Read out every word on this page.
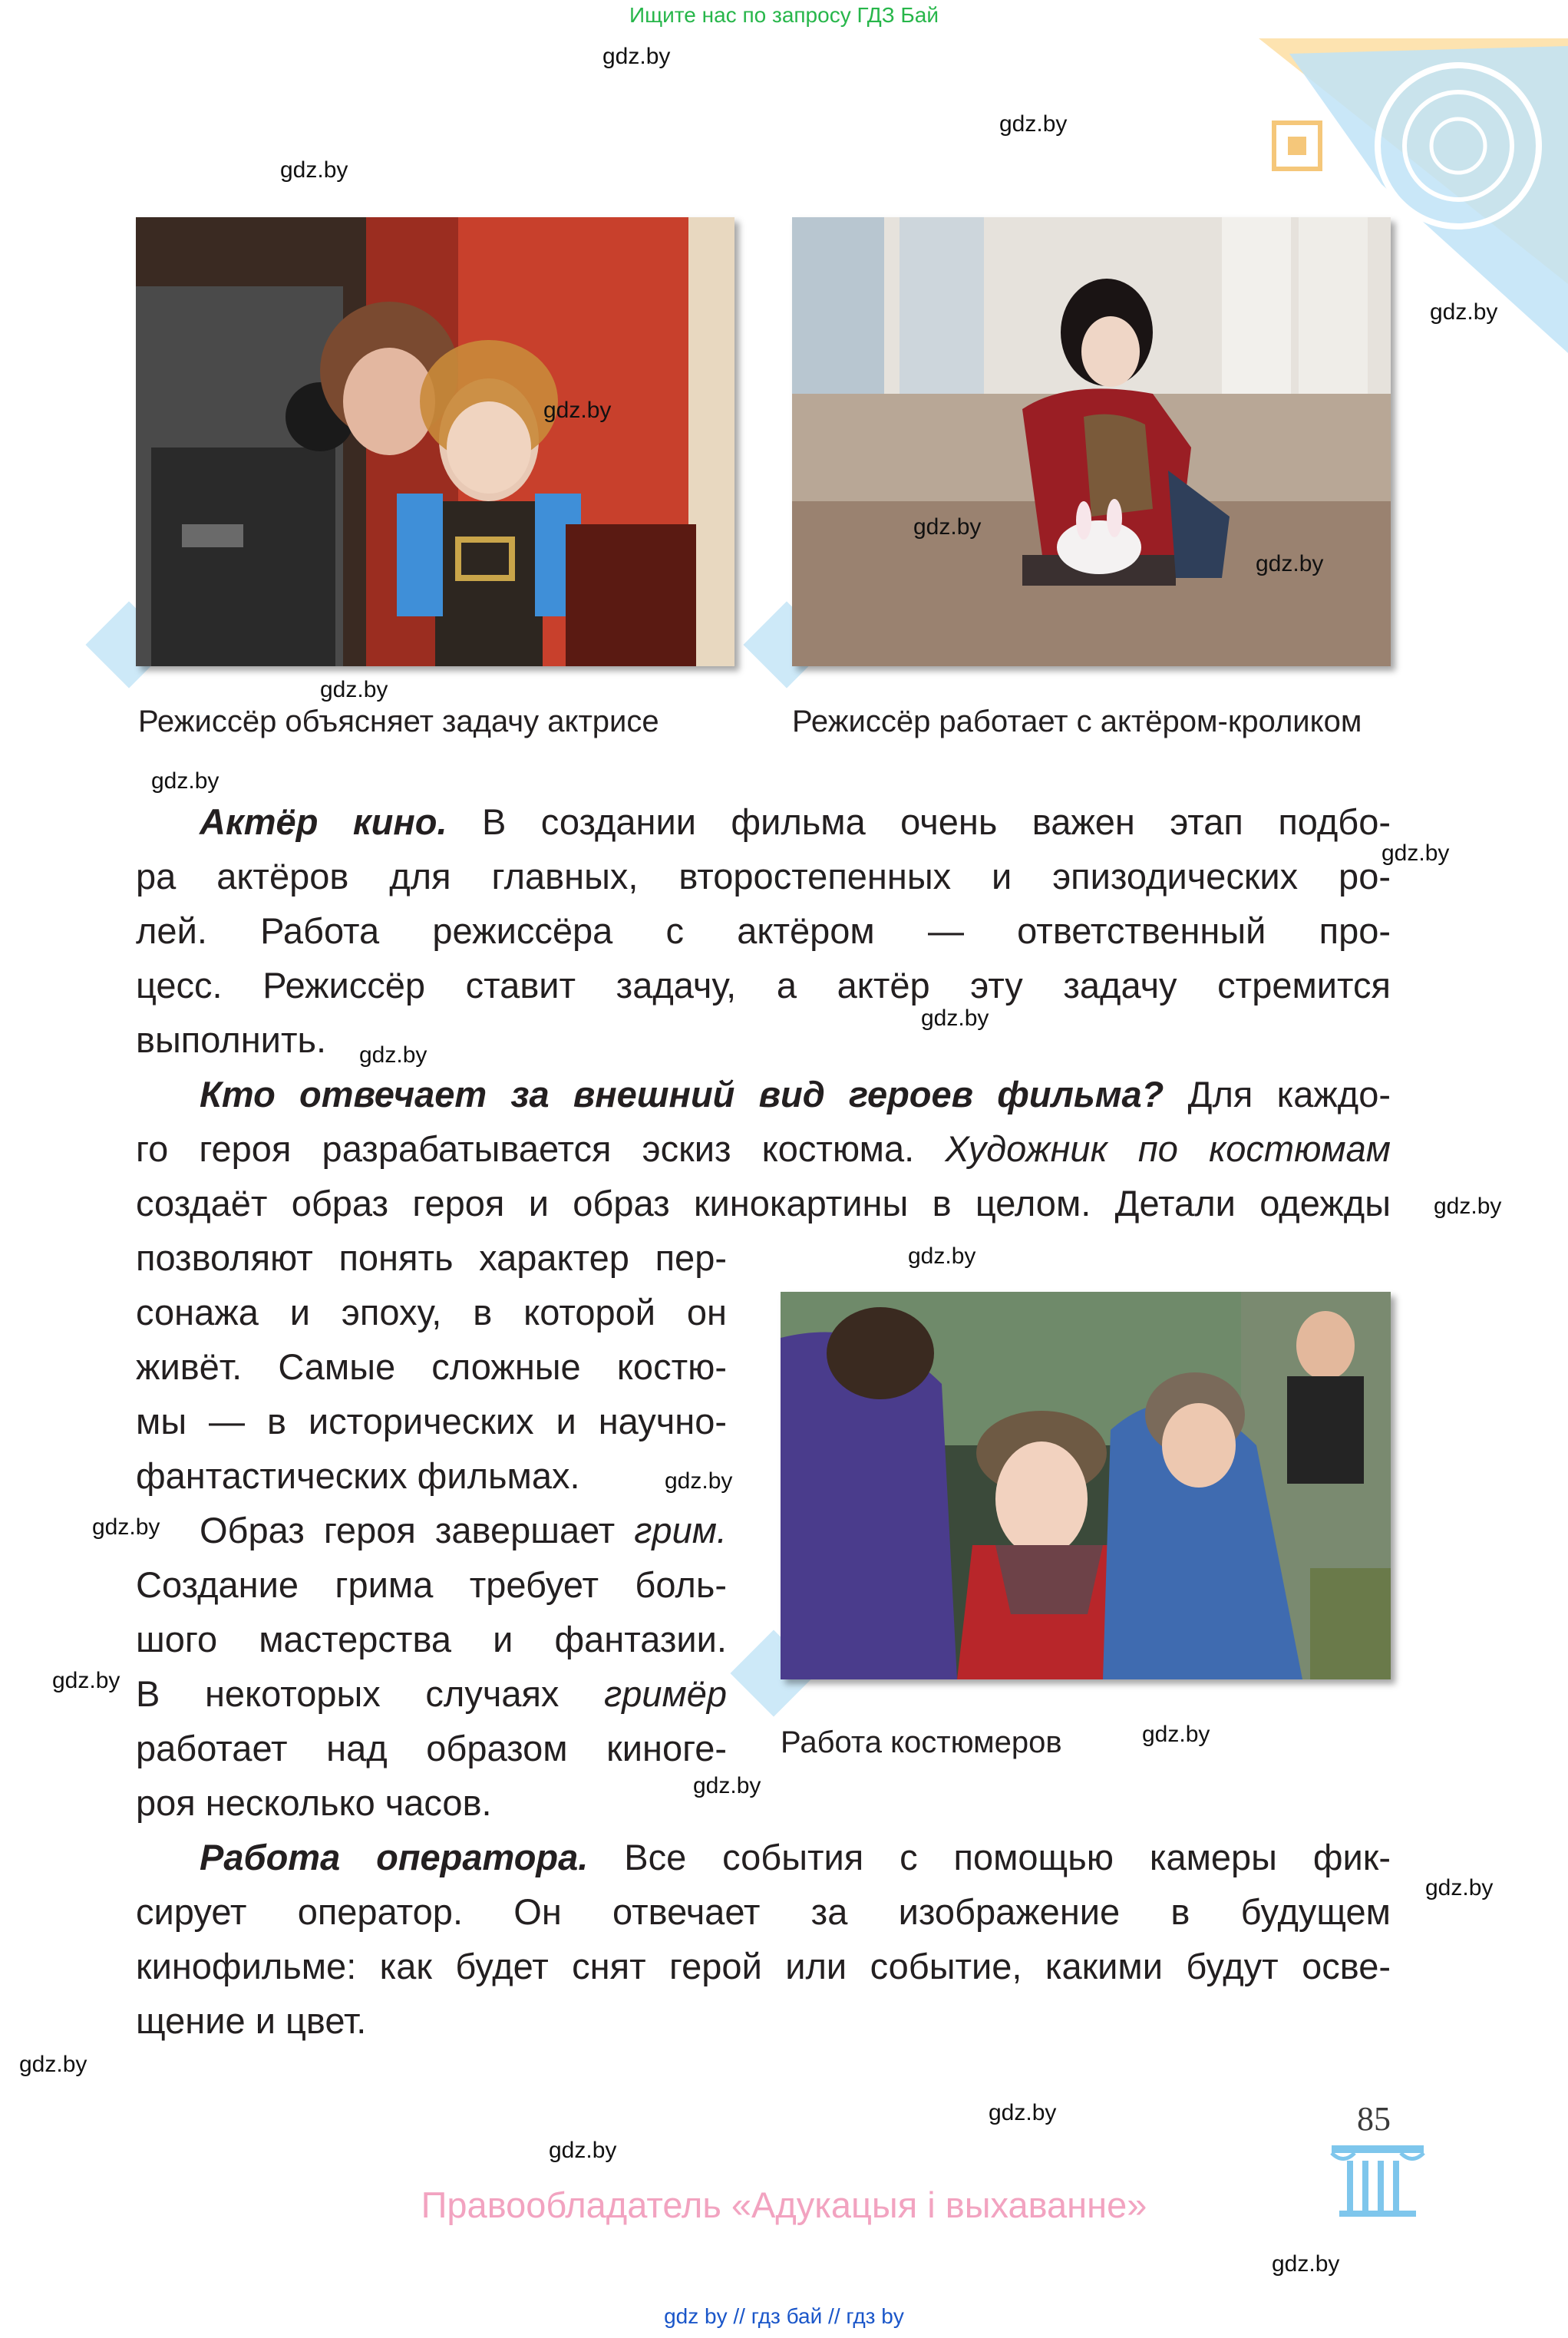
Ищите нас по запросу ГДЗ Бай
Режиссёр объясняет задачу актрисе	Режиссёр работает с актёром-кроликом
Актёр кино. В создании фильма очень важен этап подбо-
ра актёров для главных, второстепенных и эпизодических ро-
лей. Работа режиссёра с актёром — ответственный про-
цесс. Режиссёр ставит задачу, а актёр эту задачу стремится
выполнить.
Кто отвечает за внешний вид героев фильма? Для каждо-
го героя разрабатывается эскиз костюма. Художник по костюмам
создаёт образ героя и образ кинокартины в целом. Детали одежды
позволяют понять характер пер-
сонажа и эпоху, в которой он
живёт. Самые сложные костю-
мы — в исторических и научно-
фантастических фильмах.
Образ героя завершает грим.
Создание грима требует боль-
шого мастерства и фантазии.
В некоторых случаях гримёр
работает над образом киноге-
роя несколько часов.
Работа костюмеров
Работа оператора. Все события с помощью камеры фик-
сирует оператор. Он отвечает за изображение в будущем
кинофильме: как будет снят герой или событие, какими будут осве-
щение и цвет.
85
Правообладатель «Адукацыя і выхаванне»
gdz by // гдз бай // гдз by
gdz.by
gdz.by
gdz.by
gdz.by
gdz.by
gdz.by
gdz.by
gdz.by
gdz.by
gdz.by
gdz.by
gdz.by
gdz.by
gdz.by
gdz.by
gdz.by
gdz.by
gdz.by
gdz.by
gdz.by
gdz.by
gdz.by
gdz.by
gdz.by
